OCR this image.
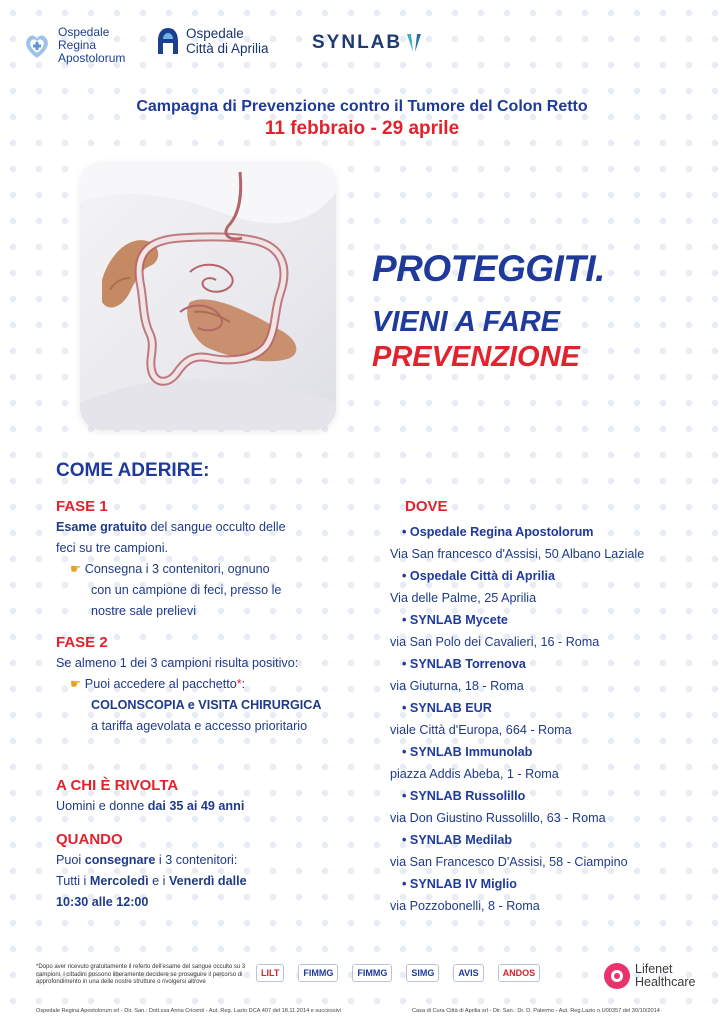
Ospedale
Regina
Apostolorum
Ospedale
Città di Aprilia SYNLAB
Campagna di Prevenzione contro il Tumore del Colon Retto
11 febbraio - 29 aprile
PROTEGGITI.
VIENI A FARE
PREVENZIONE
COME ADERIRE:
FASE 1
Esame gratuito del sangue occulto delle
feci su tre campioni.
☛ Consegna i 3 contenitori, ognuno
con un campione di feci, presso le
nostre sale prelievi
FASE 2
Se almeno 1 dei 3 campioni risulta positivo:
☛ Puoi accedere al pacchetto*:
COLONSCOPIA e VISITA CHIRURGICA
a tariffa agevolata e accesso prioritario
A CHI È RIVOLTA
Uomini e donne dai 35 ai 49 anni
QUANDO
Puoi consegnare i 3 contenitori:
Tutti i Mercoledì e i Venerdì dalle
10:30 alle 12:00
DOVE
• Ospedale Regina Apostolorum
Via San francesco d'Assisi, 50 Albano Laziale
• Ospedale Città di Aprilia
Via delle Palme, 25 Aprilia
• SYNLAB Mycete
via San Polo dei Cavalieri, 16 - Roma
• SYNLAB Torrenova
via Giuturna, 18 - Roma
• SYNLAB EUR
viale Città d'Europa, 664 - Roma
• SYNLAB Immunolab
piazza Addis Abeba, 1 - Roma
• SYNLAB Russolillo
via Don Giustino Russolillo, 63 - Roma
• SYNLAB Medilab
via San Francesco D'Assisi, 58 - Ciampino
• SYNLAB IV Miglio
via Pozzobonelli, 8 - Roma
*Dopo aver ricevuto gratuitamente il referto dell'esame del sangue occulto su 3 campioni, i cittadini possono liberamente decidere se proseguire il percorso di approfondimento in una delle nostre strutture o rivolgersi altrove
LILT	FIMMG	FIMMG	SIMG	AVIS	ANDOS	Lifenet
Healthcare
Ospedale Regina Apostolorum srl - Dir. San.: Dott.ssa Anna Cricenti - Aut. Reg. Lazio DCA 407 del 18.11.2014 e successivi	Casa di Cura Città di Aprilia srl - Dir. San.: Dr. D. Palermo - Aut. Reg.Lazio n.U00357 del 30/10/2014
